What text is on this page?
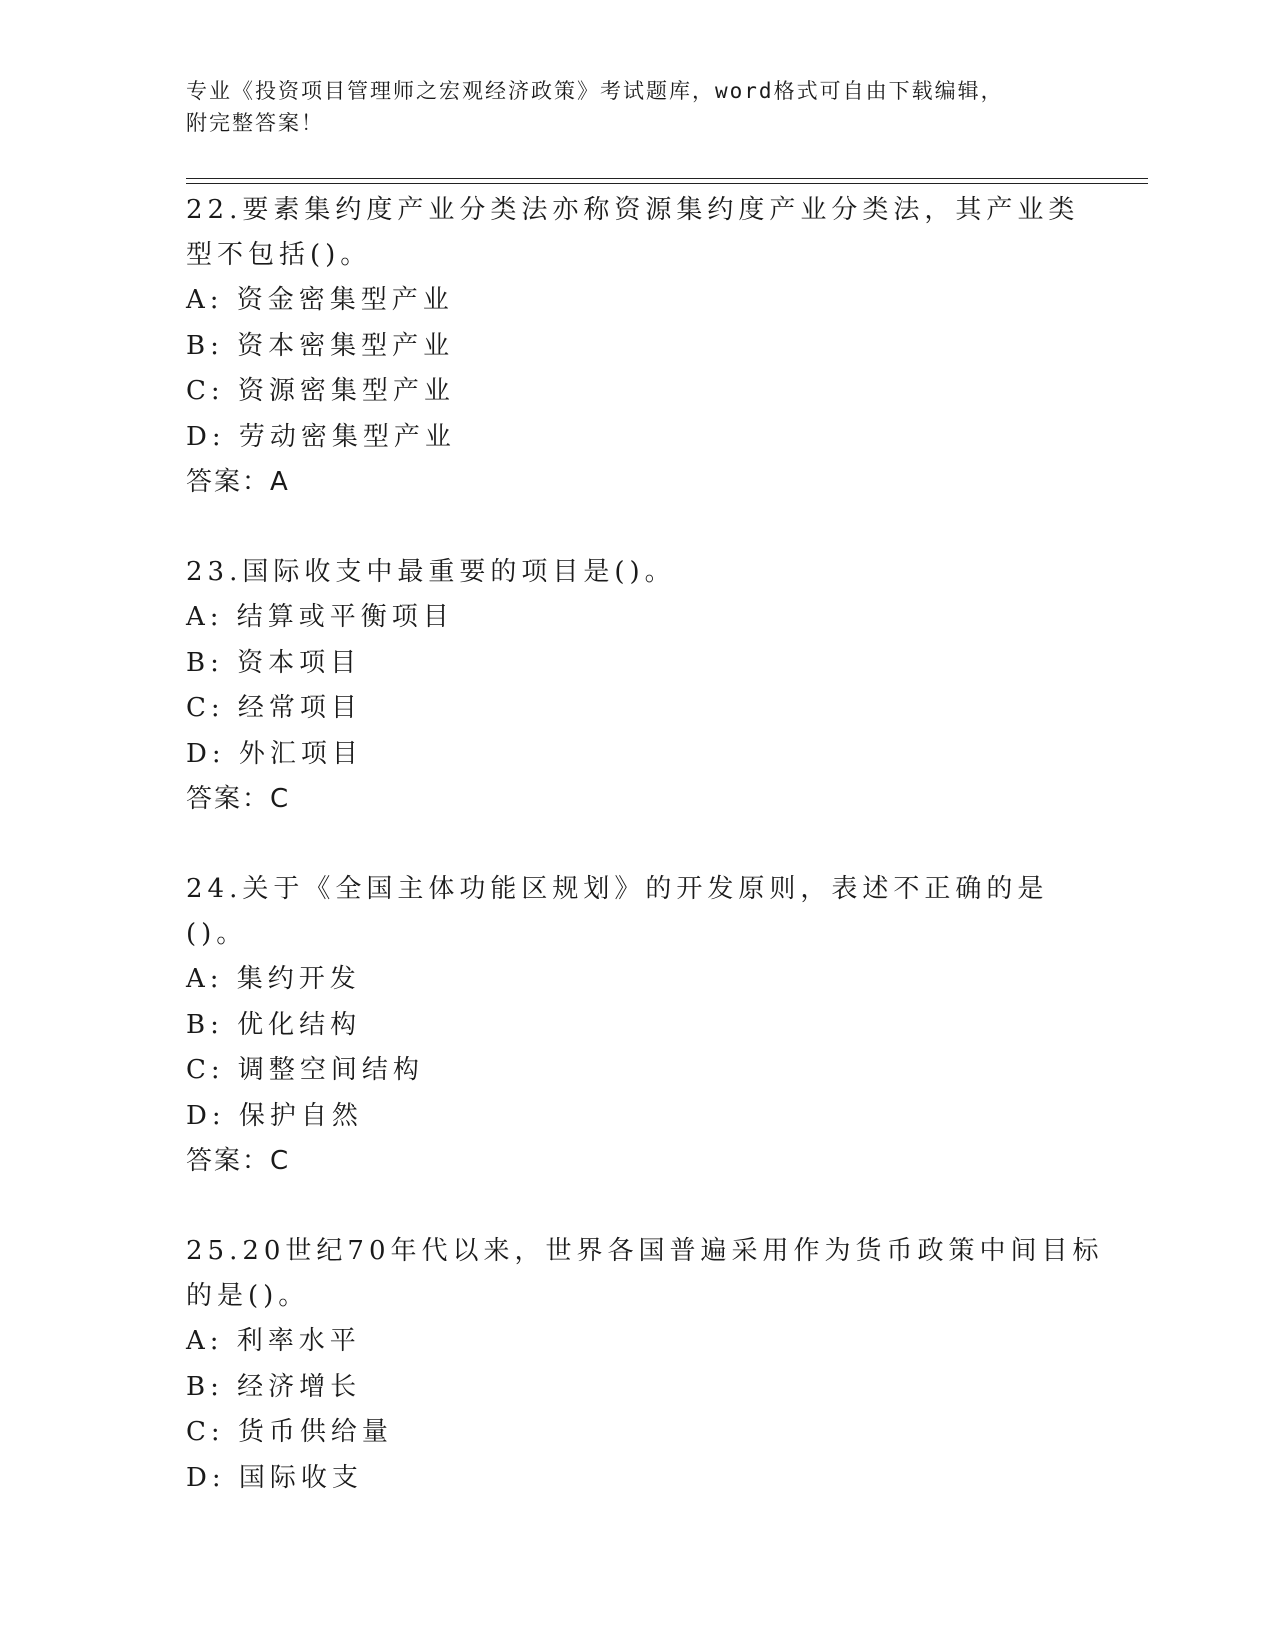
专业《投资项目管理师之宏观经济政策》考试题库，word格式可自由下载编辑，
附完整答案！
22.要素集约度产业分类法亦称资源集约度产业分类法，其产业类型不包括()。
A: 资金密集型产业
B: 资本密集型产业
C: 资源密集型产业
D: 劳动密集型产业
答案：A
23.国际收支中最重要的项目是()。
A: 结算或平衡项目
B: 资本项目
C: 经常项目
D: 外汇项目
答案：C
24.关于《全国主体功能区规划》的开发原则，表述不正确的是()。
A: 集约开发
B: 优化结构
C: 调整空间结构
D: 保护自然
答案：C
25.20世纪70年代以来，世界各国普遍采用作为货币政策中间目标的是()。
A: 利率水平
B: 经济增长
C: 货币供给量
D: 国际收支
